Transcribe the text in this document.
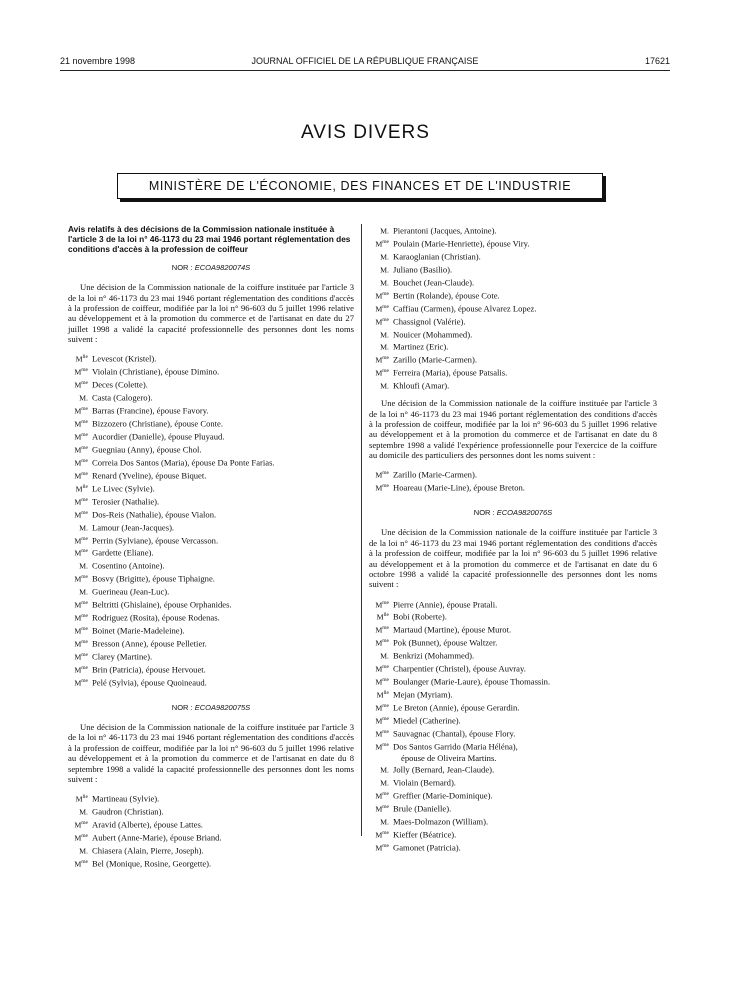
21 novembre 1998	JOURNAL OFFICIEL DE LA RÉPUBLIQUE FRANÇAISE	17621
AVIS DIVERS
MINISTÈRE DE L'ÉCONOMIE, DES FINANCES ET DE L'INDUSTRIE
Avis relatifs à des décisions de la Commission nationale instituée à l'article 3 de la loi n° 46-1173 du 23 mai 1946 portant réglementation des conditions d'accès à la profession de coiffeur
NOR : ECOA9820074S
Une décision de la Commission nationale de la coiffure instituée par l'article 3 de la loi n° 46-1173 du 23 mai 1946 portant réglementation des conditions d'accès à la profession de coiffeur, modifiée par la loi n° 96-603 du 5 juillet 1996 relative au développement et à la promotion du commerce et de l'artisanat en date du 27 juillet 1998 a validé la capacité professionnelle des personnes dont les noms suivent :
$M^{lle}$ Levescot (Kristel).
$M^{me}$ Violain (Christiane), épouse Dimino.
$M^{me}$ Deces (Colette).
M. Casta (Calogero).
$M^{me}$ Barras (Francine), épouse Favory.
$M^{me}$ Bizzozero (Christiane), épouse Conte.
$M^{me}$ Aucordier (Danielle), épouse Pluyaud.
$M^{me}$ Guegniau (Anny), épouse Chol.
$M^{me}$ Correia Dos Santos (Maria), épouse Da Ponte Farias.
$M^{me}$ Renard (Yveline), épouse Biquet.
$M^{lle}$ Le Livec (Sylvie).
$M^{me}$ Terosier (Nathalie).
$M^{me}$ Dos-Reis (Nathalie), épouse Vialon.
M. Lamour (Jean-Jacques).
$M^{me}$ Perrin (Sylviane), épouse Vercasson.
$M^{me}$ Gardette (Eliane).
M. Cosentino (Antoine).
$M^{me}$ Bosvy (Brigitte), épouse Tiphaigne.
M. Guerineau (Jean-Luc).
$M^{me}$ Beltritti (Ghislaine), épouse Orphanides.
$M^{me}$ Rodriguez (Rosita), épouse Rodenas.
$M^{me}$ Boinet (Marie-Madeleine).
$M^{me}$ Bresson (Anne), épouse Pelletier.
$M^{me}$ Clarey (Martine).
$M^{me}$ Brin (Patricia), épouse Hervouet.
$M^{me}$ Pelé (Sylvia), épouse Quoineaud.
NOR : ECOA9820075S
Une décision de la Commission nationale de la coiffure instituée par l'article 3 de la loi n° 46-1173 du 23 mai 1946 portant réglementation des conditions d'accès à la profession de coiffeur, modifiée par la loi n° 96-603 du 5 juillet 1996 relative au développement et à la promotion du commerce et de l'artisanat en date du 8 septembre 1998 a validé la capacité professionnelle des personnes dont les noms suivent :
$M^{lle}$ Martineau (Sylvie).
M. Gaudron (Christian).
$M^{me}$ Aravid (Alberte), épouse Lattes.
$M^{me}$ Aubert (Anne-Marie), épouse Briand.
M. Chiasera (Alain, Pierre, Joseph).
$M^{me}$ Bel (Monique, Rosine, Georgette).
M. Pierantoni (Jacques, Antoine).
$M^{me}$ Poulain (Marie-Henriette), épouse Viry.
M. Karaoglanian (Christian).
M. Juliano (Basilio).
M. Bouchet (Jean-Claude).
$M^{me}$ Bertin (Rolande), épouse Cote.
$M^{me}$ Caffiau (Carmen), épouse Alvarez Lopez.
$M^{me}$ Chassignol (Valérie).
M. Nouicer (Mohammed).
M. Martinez (Eric).
$M^{me}$ Zarillo (Marie-Carmen).
$M^{me}$ Ferreira (Maria), épouse Patsalis.
M. Khloufi (Amar).
Une décision de la Commission nationale de la coiffure instituée par l'article 3 de la loi n° 46-1173 du 23 mai 1946 portant réglementation des conditions d'accès à la profession de coiffeur, modifiée par la loi n° 96-603 du 5 juillet 1996 relative au développement et à la promotion du commerce et de l'artisanat en date du 8 septembre 1998 a validé l'expérience professionnelle pour l'exercice de la coiffure au domicile des particuliers des personnes dont les noms suivent :
$M^{me}$ Zarillo (Marie-Carmen).
$M^{me}$ Hoareau (Marie-Line), épouse Breton.
NOR : ECOA9820076S
Une décision de la Commission nationale de la coiffure instituée par l'article 3 de la loi n° 46-1173 du 23 mai 1946 portant réglementation des conditions d'accès à la profession de coiffeur, modifiée par la loi n° 96-603 du 5 juillet 1996 relative au développement et à la promotion du commerce et de l'artisanat en date du 6 octobre 1998 a validé la capacité professionnelle des personnes dont les noms suivent :
$M^{me}$ Pierre (Annie), épouse Pratali.
$M^{lle}$ Bobi (Roberte).
$M^{me}$ Martaud (Martine), épouse Murot.
$M^{me}$ Pok (Bunnet), épouse Waltzer.
M. Benkrizi (Mohammed).
$M^{me}$ Charpentier (Christel), épouse Auvray.
$M^{me}$ Boulanger (Marie-Laure), épouse Thomassin.
$M^{lle}$ Mejan (Myriam).
$M^{me}$ Le Breton (Annie), épouse Gerardin.
$M^{me}$ Miedel (Catherine).
$M^{me}$ Sauvagnac (Chantal), épouse Flory.
$M^{me}$ Dos Santos Garrido (Maria Héléna),
épouse de Oliveira Martins.
M. Jolly (Bernard, Jean-Claude).
M. Violain (Bernard).
$M^{me}$ Greffier (Marie-Dominique).
$M^{me}$ Brule (Danielle).
M. Maes-Dolmazon (William).
$M^{me}$ Kieffer (Béatrice).
$M^{me}$ Gamonet (Patricia).
